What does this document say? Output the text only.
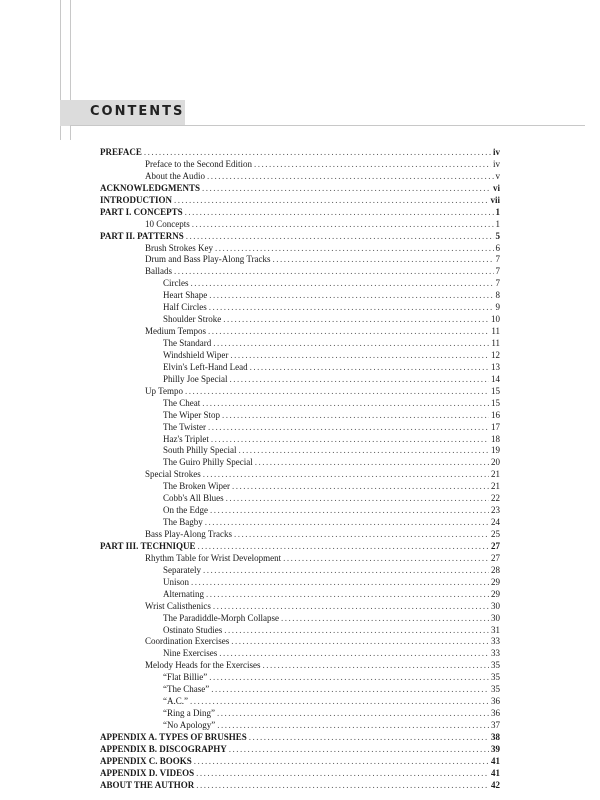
CONTENTS
PREFACE .....	iv
Preface to the Second Edition .....	iv
About the Audio .....	v
ACKNOWLEDGMENTS .....	vi
INTRODUCTION .....	vii
PART I. CONCEPTS .....	1
10 Concepts .....	1
PART II. PATTERNS .....	5
Brush Strokes Key .....	6
Drum and Bass Play-Along Tracks .....	7
Ballads .....	7
Circles .....	7
Heart Shape .....	8
Half Circles .....	9
Shoulder Stroke .....	10
Medium Tempos .....	11
The Standard .....	11
Windshield Wiper .....	12
Elvin's Left-Hand Lead .....	13
Philly Joe Special .....	14
Up Tempo .....	15
The Cheat .....	15
The Wiper Stop .....	16
The Twister .....	17
Haz's Triplet .....	18
South Philly Special .....	19
The Guiro Philly Special .....	20
Special Strokes .....	21
The Broken Wiper .....	21
Cobb's All Blues .....	22
On the Edge .....	23
The Bagby .....	24
Bass Play-Along Tracks .....	25
PART III. TECHNIQUE .....	27
Rhythm Table for Wrist Development .....	27
Separately .....	28
Unison .....	29
Alternating .....	29
Wrist Calisthenics .....	30
The Paradiddle-Morph Collapse .....	30
Ostinato Studies .....	31
Coordination Exercises .....	33
Nine Exercises .....	33
Melody Heads for the Exercises .....	35
“Flat Billie” .....	35
“The Chase” .....	35
“A.C.” .....	36
“Ring a Ding” .....	36
“No Apology” .....	37
APPENDIX A. TYPES OF BRUSHES .....	38
APPENDIX B. DISCOGRAPHY .....	39
APPENDIX C. BOOKS .....	41
APPENDIX D. VIDEOS .....	41
ABOUT THE AUTHOR .....	42
